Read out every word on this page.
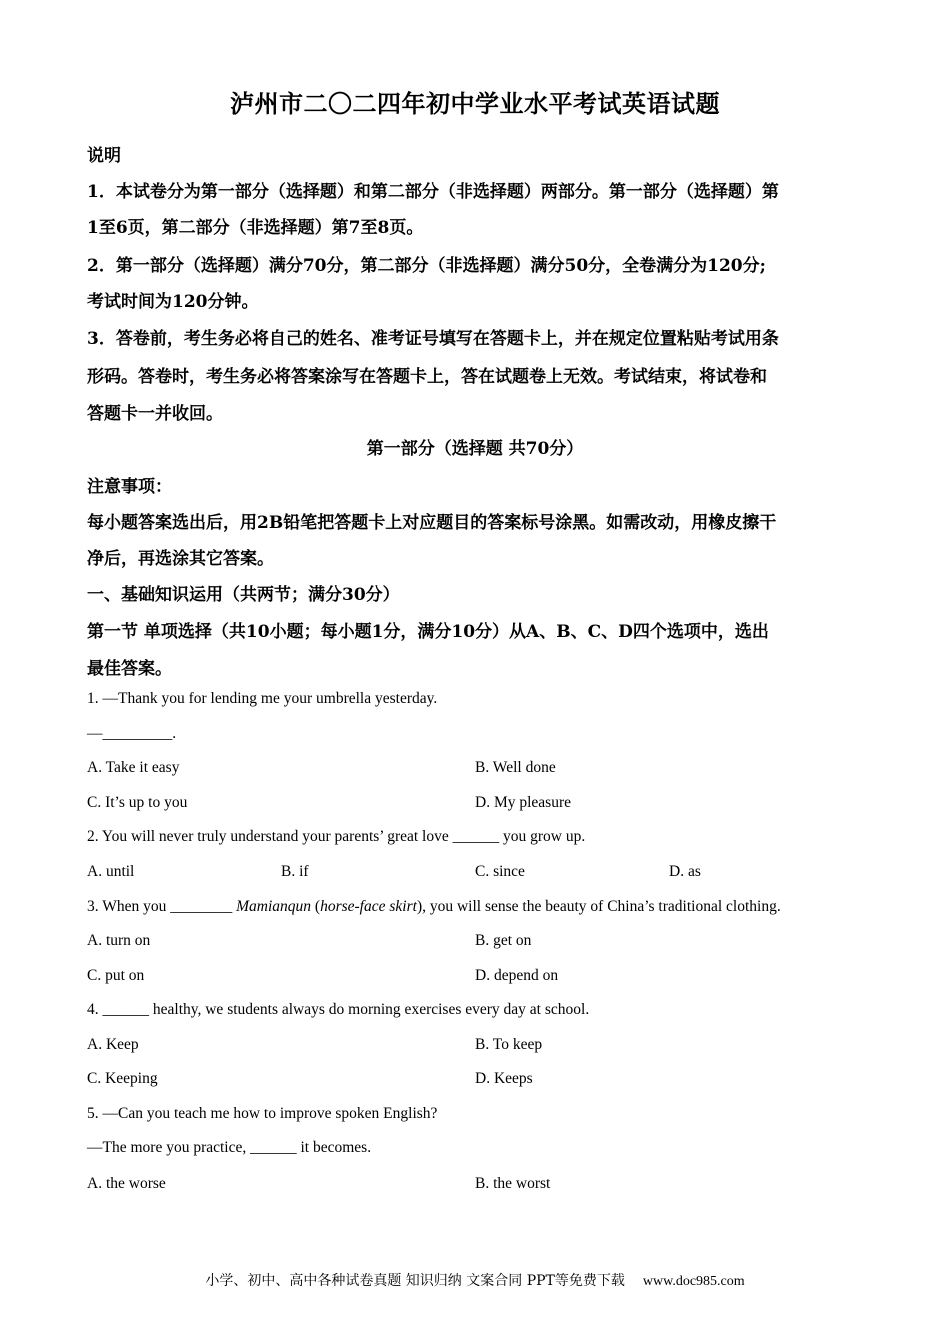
泸州市二〇二四年初中学业水平考试英语试题
说明
1．本试卷分为第一部分（选择题）和第二部分（非选择题）两部分。第一部分（选择题）第
1至6页，第二部分（非选择题）第7至8页。
2．第一部分（选择题）满分70分，第二部分（非选择题）满分50分，全卷满分为120分;
考试时间为120分钟。
3．答卷前，考生务必将自己的姓名、准考证号填写在答题卡上，并在规定位置粘贴考试用条
形码。答卷时，考生务必将答案涂写在答题卡上，答在试题卷上无效。考试结束，将试卷和
答题卡一并收回。
第一部分（选择题 共70分）
注意事项：
每小题答案选出后，用2B铅笔把答题卡上对应题目的答案标号涂黑。如需改动，用橡皮擦干
净后，再选涂其它答案。
一、基础知识运用（共两节；满分30分）
第一节 单项选择（共10小题；每小题1分，满分10分）从A、B、C、D四个选项中，选出
最佳答案。
1. —Thank you for lending me your umbrella yesterday.
—_________.
A. Take it easy	B. Well done
C. It’s up to you	D. My pleasure
2. You will never truly understand your parents’ great love ______ you grow up.
A. until	B. if	C. since	D. as
3. When you ________ Mamianqun (horse-face skirt), you will sense the beauty of China’s traditional clothing.
A. turn on	B. get on
C. put on	D. depend on
4. ______ healthy, we students always do morning exercises every day at school.
A. Keep	B. To keep
C. Keeping	D. Keeps
5. —Can you teach me how to improve spoken English?
—The more you practice, ______ it becomes.
A. the worse	B. the worst
小学、初中、高中各种试卷真题 知识归纳 文案合同 PPT等免费下载 www.doc985.com
